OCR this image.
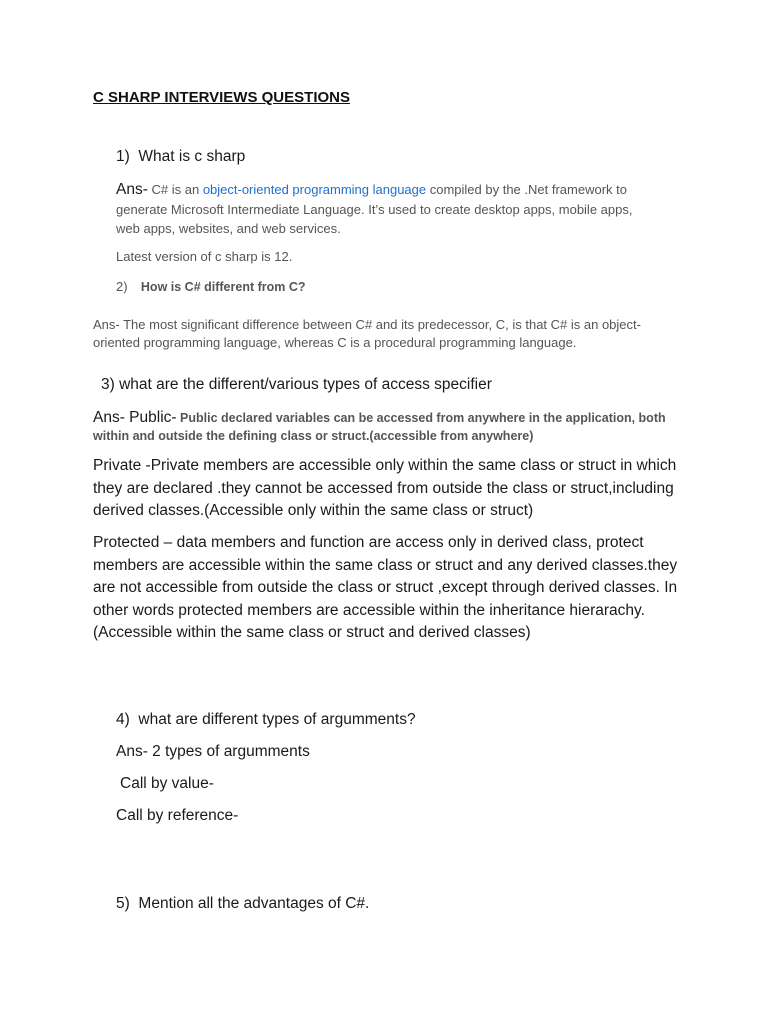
C SHARP INTERVIEWS QUESTIONS
1) What is c sharp
Ans- C# is an object-oriented programming language compiled by the .Net framework to
generate Microsoft Intermediate Language. It’s used to create desktop apps, mobile apps,
web apps, websites, and web services.
Latest version of c sharp is 12.
2) How is C# different from C?
Ans- The most significant difference between C# and its predecessor, C, is that C# is an object-
oriented programming language, whereas C is a procedural programming language.
3) what are the different/various types of access specifier
Ans- Public- Public declared variables can be accessed from anywhere in the application, both
within and outside the defining class or struct.(accessible from anywhere)
Private -Private members are accessible only within the same class or struct in which they are declared .they cannot be accessed from outside the class or struct,including derived classes.(Accessible only within the same class or struct)
Protected – data members and function are access only in derived class, protect members are accessible within the same class or struct and any derived classes.they are not accessible from outside the class or struct ,except through derived classes. In other words protected members are accessible within the inheritance hierarachy. (Accessible within the same class or struct and derived classes)
4) what are different types of argumments?
Ans- 2 types of argumments
Call by value-
Call by reference-
5) Mention all the advantages of C#.
